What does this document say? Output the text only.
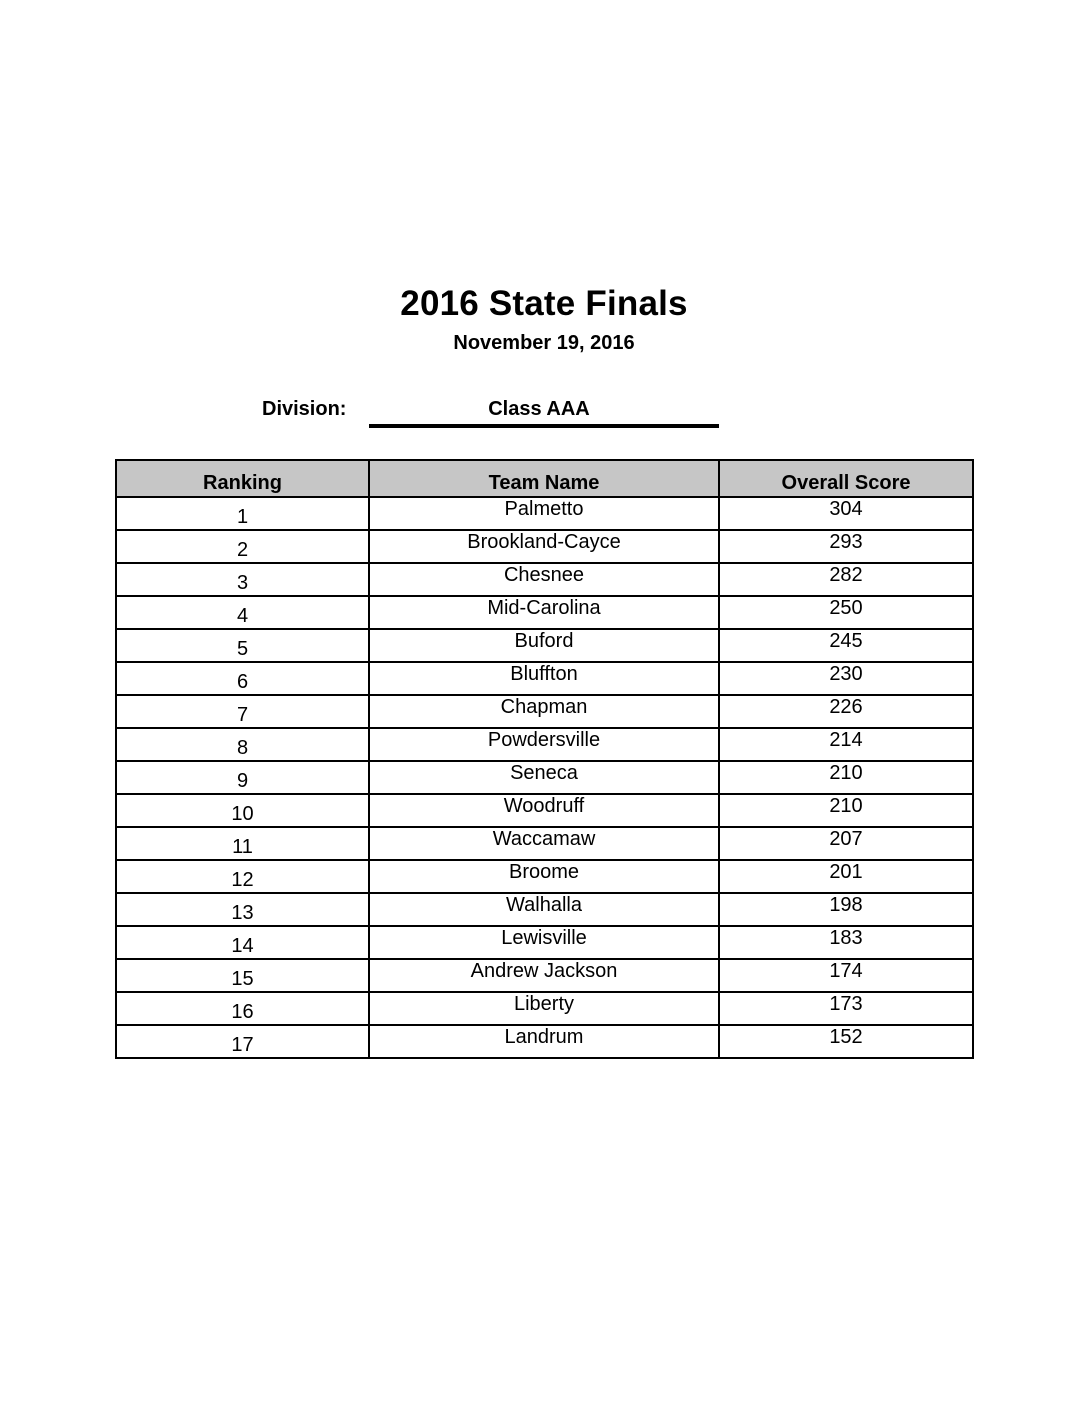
2016 State Finals
November 19, 2016
Division:	Class AAA
Ranking	Team Name	Overall Score
1	Palmetto	304
2	Brookland-Cayce	293
3	Chesnee	282
4	Mid-Carolina	250
5	Buford	245
6	Bluffton	230
7	Chapman	226
8	Powdersville	214
9	Seneca	210
10	Woodruff	210
11	Waccamaw	207
12	Broome	201
13	Walhalla	198
14	Lewisville	183
15	Andrew Jackson	174
16	Liberty	173
17	Landrum	152
